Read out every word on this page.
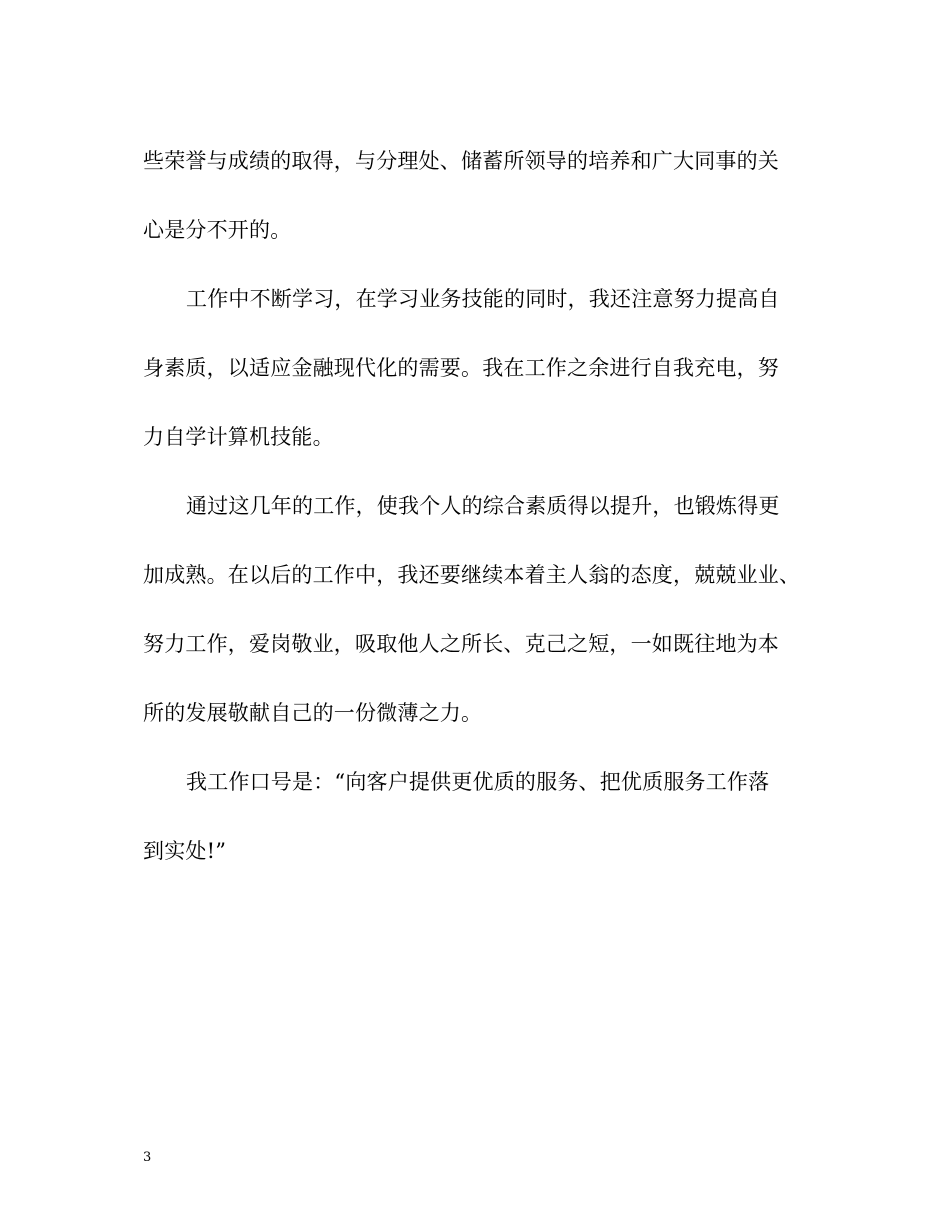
些荣誉与成绩的取得，与分理处、储蓄所领导的培养和广大同事的关
心是分不开的。
工作中不断学习，在学习业务技能的同时，我还注意努力提高自
身素质，以适应金融现代化的需要。我在工作之余进行自我充电，努
力自学计算机技能。
通过这几年的工作，使我个人的综合素质得以提升，也锻炼得更
加成熟。在以后的工作中，我还要继续本着主人翁的态度，兢兢业业、
努力工作，爱岗敬业，吸取他人之所长、克己之短，一如既往地为本
所的发展敬献自己的一份微薄之力。
我工作口号是：“向客户提供更优质的服务、把优质服务工作落
到实处!”
3
